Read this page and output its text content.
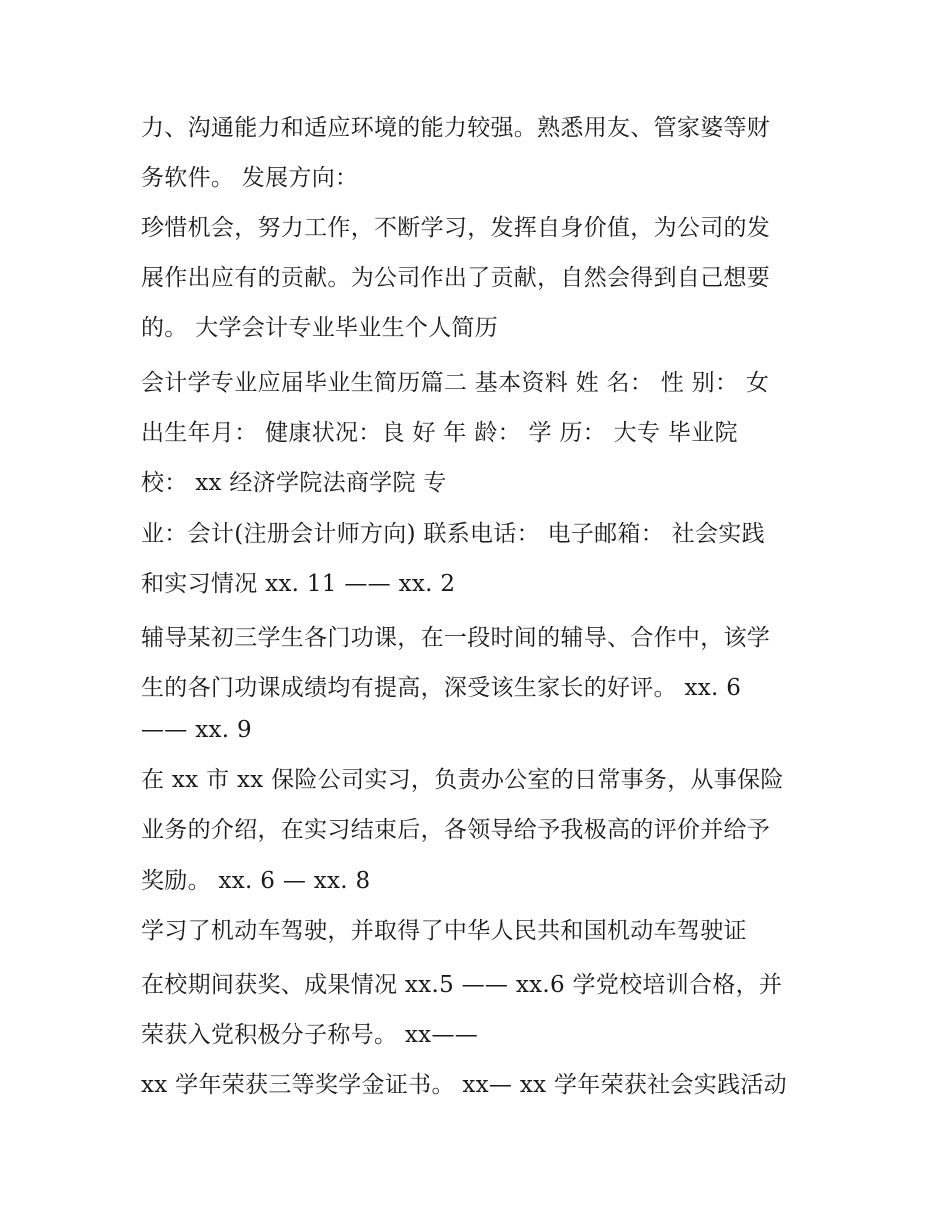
力、沟通能力和适应环境的能力较强。熟悉用友、管家婆等财

务软件。 发展方向：

珍惜机会，努力工作，不断学习，发挥自身价值，为公司的发

展作出应有的贡献。为公司作出了贡献，自然会得到自己想要

的。 大学会计专业毕业生个人简历

会计学专业应届毕业生简历篇二 基本资料 姓 名： 性 别： 女

出生年月： 健康状况：良 好 年 龄： 学 历： 大专 毕业院

校： xx 经济学院法商学院 专

业：会计(注册会计师方向) 联系电话： 电子邮箱： 社会实践

和实习情况 xx. 11 —— xx. 2

辅导某初三学生各门功课，在一段时间的辅导、合作中，该学

生的各门功课成绩均有提高，深受该生家长的好评。 xx. 6

—— xx. 9

在 xx 市 xx 保险公司实习，负责办公室的日常事务，从事保险

业务的介绍，在实习结束后，各领导给予我极高的评价并给予

奖励。 xx. 6 — xx. 8

学习了机动车驾驶，并取得了中华人民共和国机动车驾驶证

在校期间获奖、成果情况 xx.5 —— xx.6 学党校培训合格，并

荣获入党积极分子称号。 xx——

xx 学年荣获三等奖学金证书。 xx— xx 学年荣获社会实践活动
